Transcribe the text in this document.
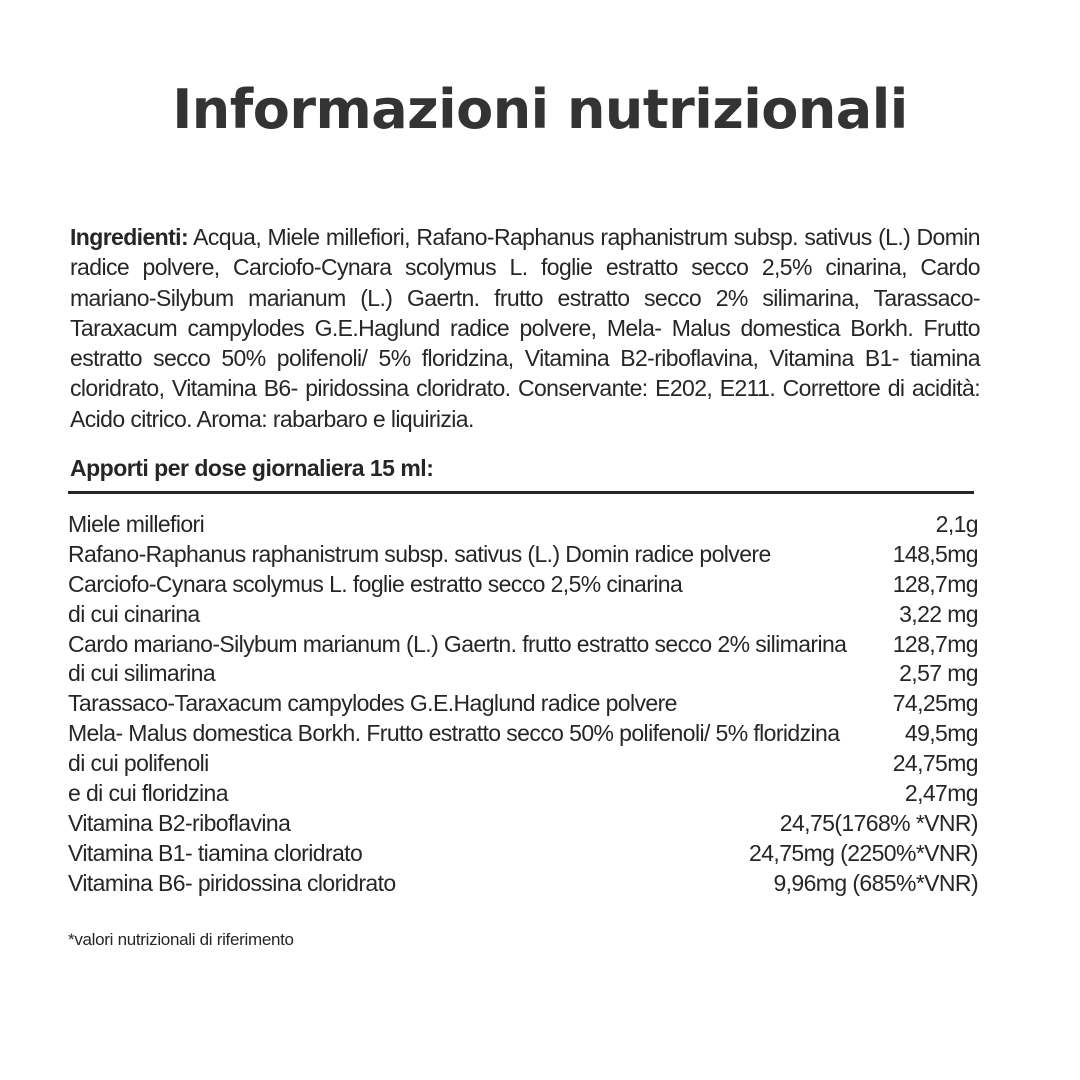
Informazioni nutrizionali

Ingredienti: Acqua, Miele millefiori, Rafano-Raphanus raphanistrum subsp. sativus (L.) Domin radice polvere, Carciofo-Cynara scolymus L. foglie estratto secco 2,5% cinarina, Cardo mariano-Silybum marianum (L.) Gaertn. frutto estratto secco 2% silimarina, Tarassaco-Taraxacum campylodes G.E.Haglund radice polvere, Mela- Malus domestica Borkh. Frutto estratto secco 50% polifenoli/ 5% floridzina, Vitamina B2-riboflavina, Vitamina B1- tiamina cloridrato, Vitamina B6- piridossina cloridrato. Conservante: E202, E211. Correttore di acidità: Acido citrico. Aroma: rabarbaro e liquirizia.

Apporti per dose giornaliera 15 ml:

Miele millefiori	2,1g
Rafano-Raphanus raphanistrum subsp. sativus (L.) Domin radice polvere	148,5mg
Carciofo-Cynara scolymus L. foglie estratto secco 2,5% cinarina	128,7mg
di cui cinarina	3,22 mg
Cardo mariano-Silybum marianum (L.) Gaertn. frutto estratto secco 2% silimarina 128,7mg
di cui silimarina	2,57 mg
Tarassaco-Taraxacum campylodes G.E.Haglund radice polvere	74,25mg
Mela- Malus domestica Borkh. Frutto estratto secco 50% polifenoli/ 5% floridzina	49,5mg
di cui polifenoli	24,75mg
e di cui floridzina	2,47mg
Vitamina B2-riboflavina	24,75(1768% *VNR)
Vitamina B1- tiamina cloridrato	24,75mg (2250%*VNR)
Vitamina B6- piridossina cloridrato	9,96mg (685%*VNR)

*valori nutrizionali di riferimento
